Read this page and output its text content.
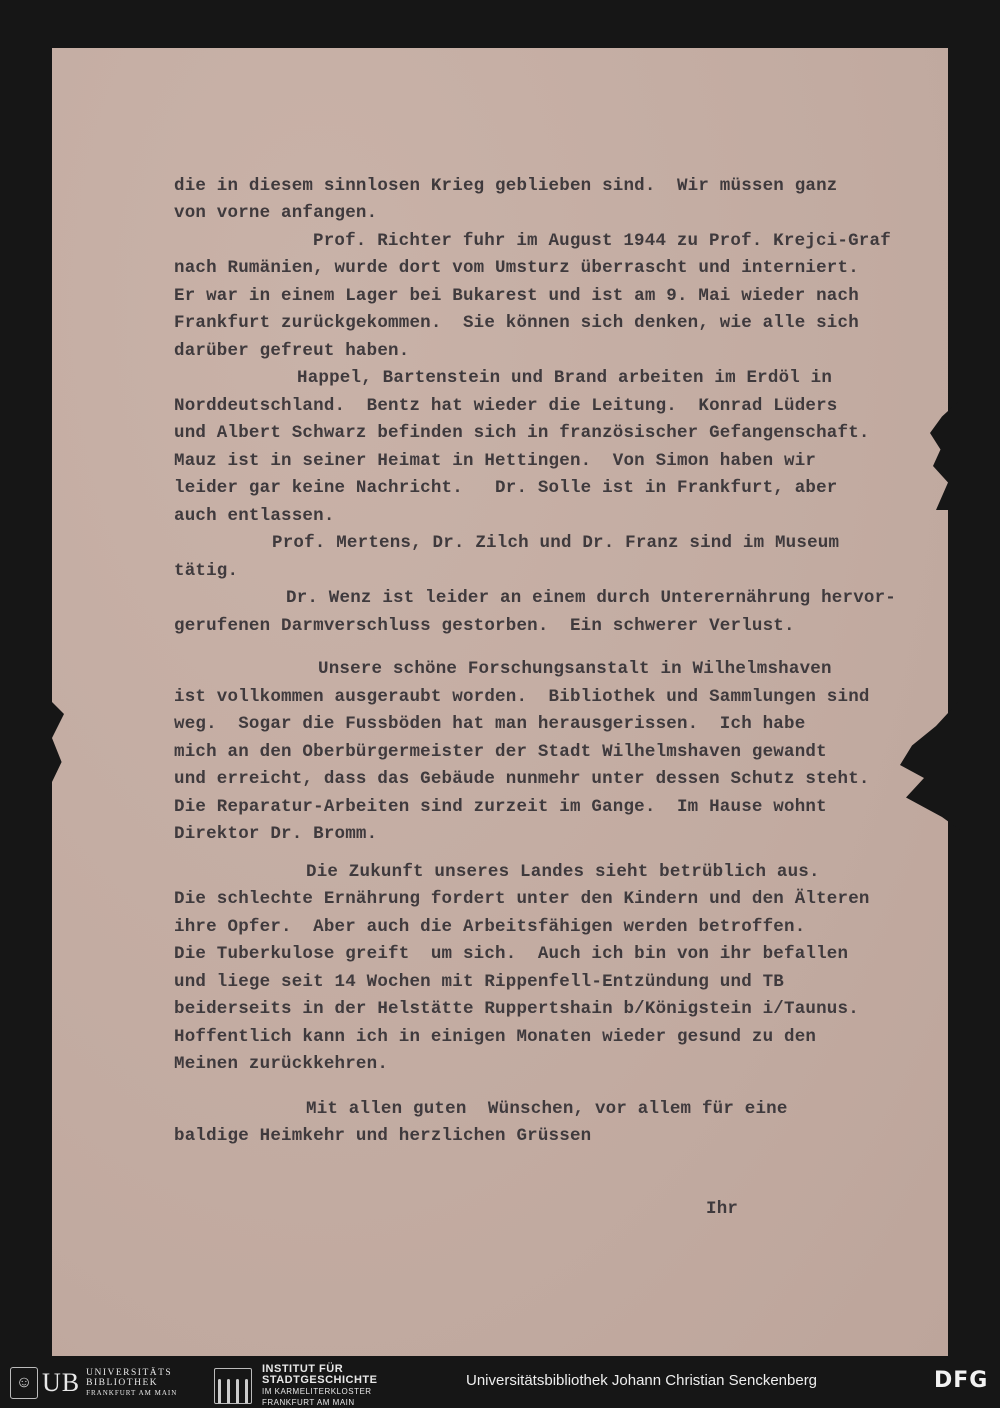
die in diesem sinnlosen Krieg geblieben sind.  Wir müssen ganz

von vorne anfangen.

Prof. Richter fuhr im August 1944 zu Prof. Krejci-Graf

nach Rumänien, wurde dort vom Umsturz überrascht und interniert.

Er war in einem Lager bei Bukarest und ist am 9. Mai wieder nach

Frankfurt zurückgekommen.  Sie können sich denken, wie alle sich

darüber gefreut haben.

Happel, Bartenstein und Brand arbeiten im Erdöl in

Norddeutschland.  Bentz hat wieder die Leitung.  Konrad Lüders

und Albert Schwarz befinden sich in französischer Gefangenschaft.

Mauz ist in seiner Heimat in Hettingen.  Von Simon haben wir

leider gar keine Nachricht.   Dr. Solle ist in Frankfurt, aber

auch entlassen.

Prof. Mertens, Dr. Zilch und Dr. Franz sind im Museum

tätig.

Dr. Wenz ist leider an einem durch Unterernährung hervor-

gerufenen Darmverschluss gestorben.  Ein schwerer Verlust.

Unsere schöne Forschungsanstalt in Wilhelmshaven

ist vollkommen ausgeraubt worden.  Bibliothek und Sammlungen sind

weg.  Sogar die Fussböden hat man herausgerissen.  Ich habe

mich an den Oberbürgermeister der Stadt Wilhelmshaven gewandt

und erreicht, dass das Gebäude nunmehr unter dessen Schutz steht.

Die Reparatur-Arbeiten sind zurzeit im Gange.  Im Hause wohnt

Direktor Dr. Bromm.

Die Zukunft unseres Landes sieht betrüblich aus.

Die schlechte Ernährung fordert unter den Kindern und den Älteren

ihre Opfer.  Aber auch die Arbeitsfähigen werden betroffen.

Die Tuberkulose greift  um sich.  Auch ich bin von ihr befallen

und liege seit 14 Wochen mit Rippenfell-Entzündung und TB

beiderseits in der Helstätte Ruppertshain b/Königstein i/Taunus.

Hoffentlich kann ich in einigen Monaten wieder gesund zu den

Meinen zurückkehren.

Mit allen guten  Wünschen, vor allem für eine

baldige Heimkehr und herzlichen Grüssen

Ihr

☺ UB UNIVERSITÄTS
BIBLIOTHEK
FRANKFURT AM MAIN
INSTITUT FÜR
STADTGESCHICHTE
IM KARMELITERKLOSTER
FRANKFURT AM MAIN
Universitätsbibliothek Johann Christian Senckenberg	DFG
